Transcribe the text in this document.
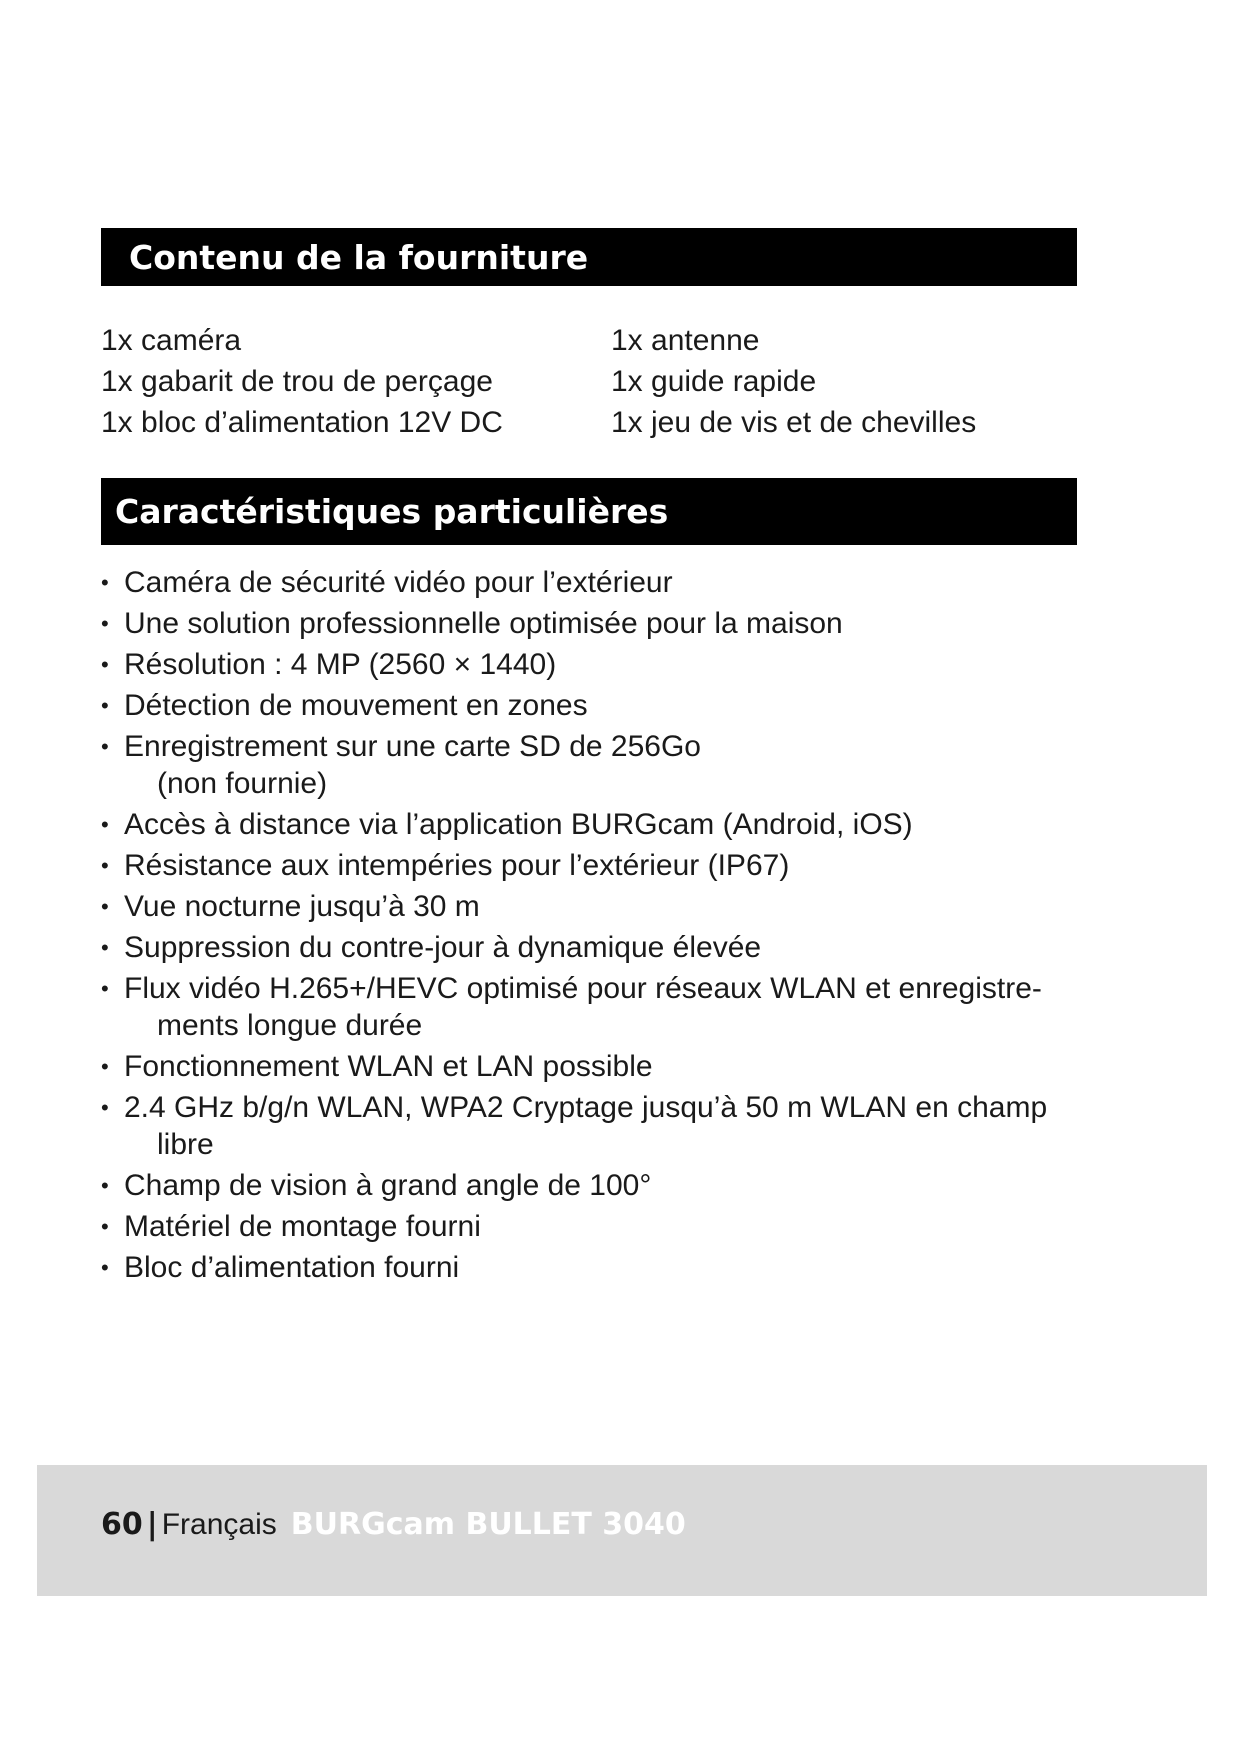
Contenu de la fourniture
1x caméra
1x gabarit de trou de perçage
1x bloc d’alimentation 12V DC
1x antenne
1x guide rapide
1x jeu de vis et de chevilles
Caractéristiques particulières
• Caméra de sécurité vidéo pour l’extérieur
• Une solution professionnelle optimisée pour la maison
• Résolution : 4 MP (2560 × 1440)
• Détection de mouvement en zones
• Enregistrement sur une carte SD de 256Go
(non fournie)
• Accès à distance via l’application BURGcam (Android, iOS)
• Résistance aux intempéries pour l’extérieur (IP67)
• Vue nocturne jusqu’à 30 m
• Suppression du contre-jour à dynamique élevée
• Flux vidéo H.265+/HEVC optimisé pour réseaux WLAN et enregistre-
ments longue durée
• Fonctionnement WLAN et LAN possible
• 2.4 GHz b/g/n WLAN, WPA2 Cryptage jusqu’à 50 m WLAN en champ
libre
• Champ de vision à grand angle de 100°
• Matériel de montage fourni
• Bloc d’alimentation fourni
60 | Français BURGcam BULLET 3040
